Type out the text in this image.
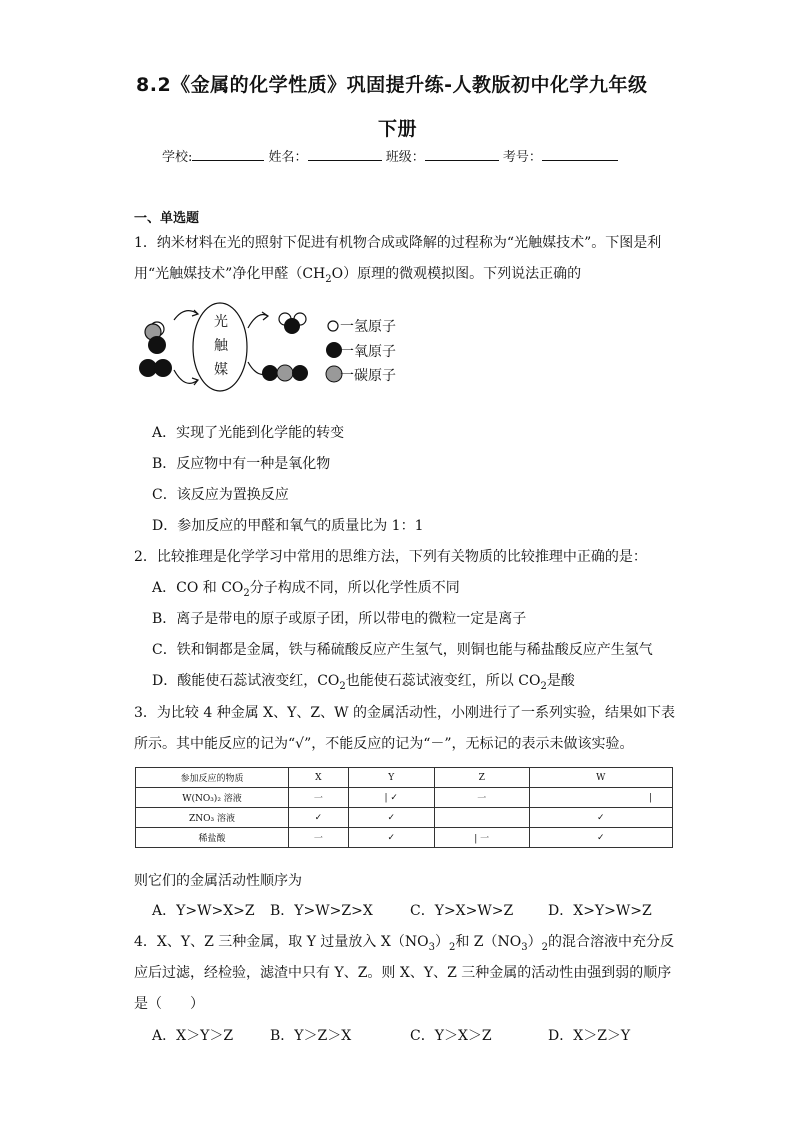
8.2《金属的化学性质》巩固提升练-人教版初中化学九年级
下册
学校:	姓名：	班级：	考号：
一、单选题
1．纳米材料在光的照射下促进有机物合成或降解的过程称为“光触媒技术”。下图是利
用“光触媒技术”净化甲醛$(CH_2O)$原理的微观模拟图。下列说法正确的
光
触
媒
一氢原子
一氧原子
一碳原子
A．实现了光能到化学能的转变
B．反应物中有一种是氧化物
C．该反应为置换反应
D．参加反应的甲醛和氧气的质量比为 1：1
2．比较推理是化学学习中常用的思维方法，下列有关物质的比较推理中正确的是：
A．CO 和 $CO_2$分子构成不同，所以化学性质不同
B．离子是带电的原子或原子团，所以带电的微粒一定是离子
C．铁和铜都是金属，铁与稀硫酸反应产生氢气，则铜也能与稀盐酸反应产生氢气
D．酸能使石蕊试液变红，$CO_2$也能使石蕊试液变红，所以 $CO_2$是酸
3．为比较 4 种金属 X、Y、Z、W 的金属活动性，小刚进行了一系列实验，结果如下表
所示。其中能反应的记为“√”，不能反应的记为“－”，无标记的表示未做该实验。
参加反应的物质	X	Y	Z	W
W(NO₃)₂ 溶液	一	| ✓	一	|
ZNO₃ 溶液	✓	✓		✓
稀盐酸	一	✓	| 一	✓
则它们的金属活动性顺序为
A．Y>W>X>Z B．Y>W>Z>X	C．Y>X>W>Z D．X>Y>W>Z
4．X、Y、Z 三种金属，取 Y 过量放入 $X(NO_3)_2$和 $Z(NO_3)_2$的混合溶液中充分反
应后过滤，经检验，滤渣中只有 Y、Z。则 X、Y、Z 三种金属的活动性由强到弱的顺序
是（　　）
A．X＞Y＞Z	B．Y＞Z＞X	C．Y＞X＞Z	D．X＞Z＞Y
